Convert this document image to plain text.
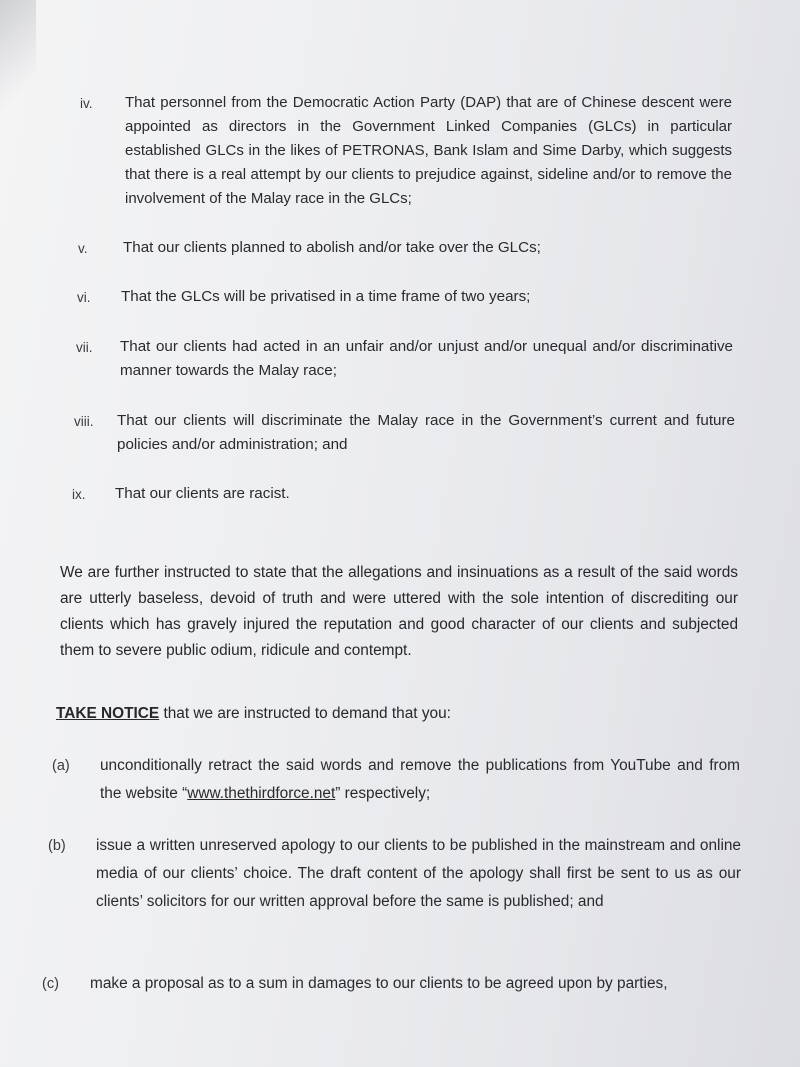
iv. That personnel from the Democratic Action Party (DAP) that are of Chinese descent were appointed as directors in the Government Linked Companies (GLCs) in particular established GLCs in the likes of PETRONAS, Bank Islam and Sime Darby, which suggests that there is a real attempt by our clients to prejudice against, sideline and/or to remove the involvement of the Malay race in the GLCs;
v. That our clients planned to abolish and/or take over the GLCs;
vi. That the GLCs will be privatised in a time frame of two years;
vii. That our clients had acted in an unfair and/or unjust and/or unequal and/or discriminative manner towards the Malay race;
viii. That our clients will discriminate the Malay race in the Government’s current and future policies and/or administration; and
ix. That our clients are racist.
We are further instructed to state that the allegations and insinuations as a result of the said words are utterly baseless, devoid of truth and were uttered with the sole intention of discrediting our clients which has gravely injured the reputation and good character of our clients and subjected them to severe public odium, ridicule and contempt.
TAKE NOTICE that we are instructed to demand that you:
(a) unconditionally retract the said words and remove the publications from YouTube and from the website “www.thethirdforce.net” respectively;
(b) issue a written unreserved apology to our clients to be published in the mainstream and online media of our clients’ choice. The draft content of the apology shall first be sent to us as our clients’ solicitors for our written approval before the same is published; and
(c) make a proposal as to a sum in damages to our clients to be agreed upon by parties,
